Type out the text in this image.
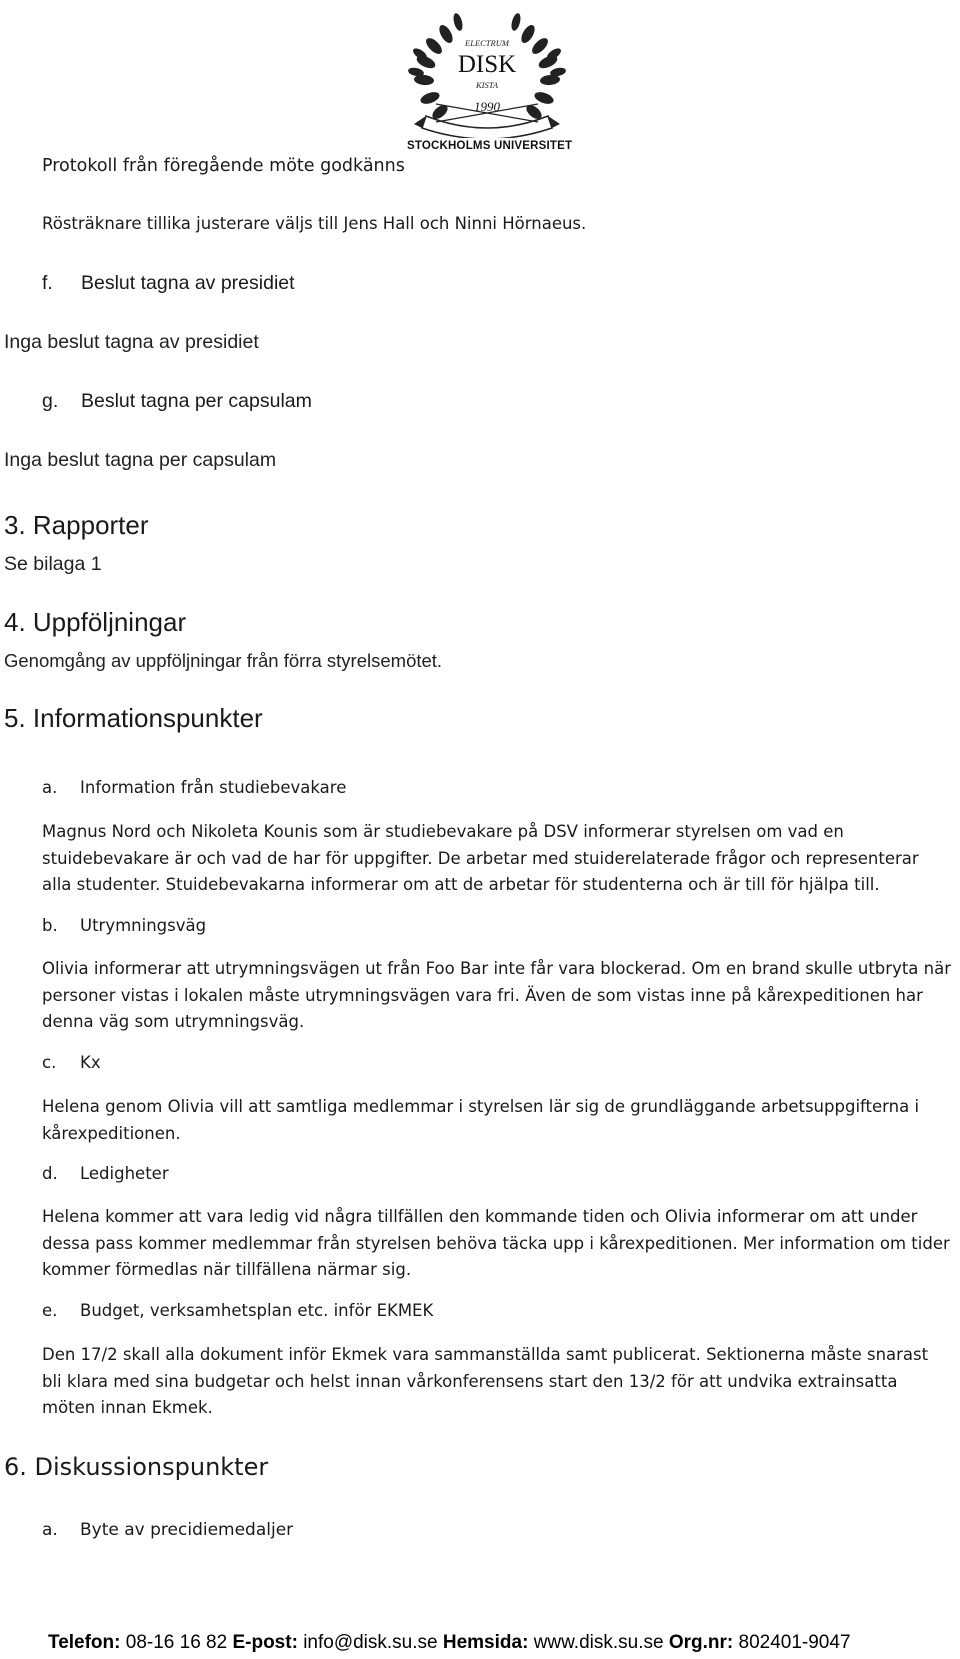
ELECTRUM
DISK
KISTA
1990
STOCKHOLMS UNIVERSITET
Protokoll från föregående möte godkänns
Rösträknare tillika justerare väljs till Jens Hall och Ninni Hörnaeus.
f. Beslut tagna av presidiet
Inga beslut tagna av presidiet
g. Beslut tagna per capsulam
Inga beslut tagna per capsulam
3. Rapporter
Se bilaga 1
4. Uppföljningar
Genomgång av uppföljningar från förra styrelsemötet.
5. Informationspunkter
a. Information från studiebevakare
Magnus Nord och Nikoleta Kounis som är studiebevakare på DSV informerar styrelsen om vad en stuidebevakare är och vad de har för uppgifter. De arbetar med stuiderelaterade frågor och representerar alla studenter. Stuidebevakarna informerar om att de arbetar för studenterna och är till för hjälpa till.
b. Utrymningsväg
Olivia informerar att utrymningsvägen ut från Foo Bar inte får vara blockerad. Om en brand skulle utbryta när personer vistas i lokalen måste utrymningsvägen vara fri. Även de som vistas inne på kårexpeditionen har denna väg som utrymningsväg.
c. Kx
Helena genom Olivia vill att samtliga medlemmar i styrelsen lär sig de grundläggande arbetsuppgifterna i kårexpeditionen.
d. Ledigheter
Helena kommer att vara ledig vid några tillfällen den kommande tiden och Olivia informerar om att under dessa pass kommer medlemmar från styrelsen behöva täcka upp i kårexpeditionen. Mer information om tider kommer förmedlas när tillfällena närmar sig.
e. Budget, verksamhetsplan etc. inför EKMEK
Den 17/2 skall alla dokument inför Ekmek vara sammanställda samt publicerat. Sektionerna måste snarast bli klara med sina budgetar och helst innan vårkonferensens start den 13/2 för att undvika extrainsatta möten innan Ekmek.
6. Diskussionspunkter
a. Byte av precidiemedaljer
Telefon: 08-16 16 82 E-post: info@disk.su.se Hemsida: www.disk.su.se Org.nr: 802401-9047
